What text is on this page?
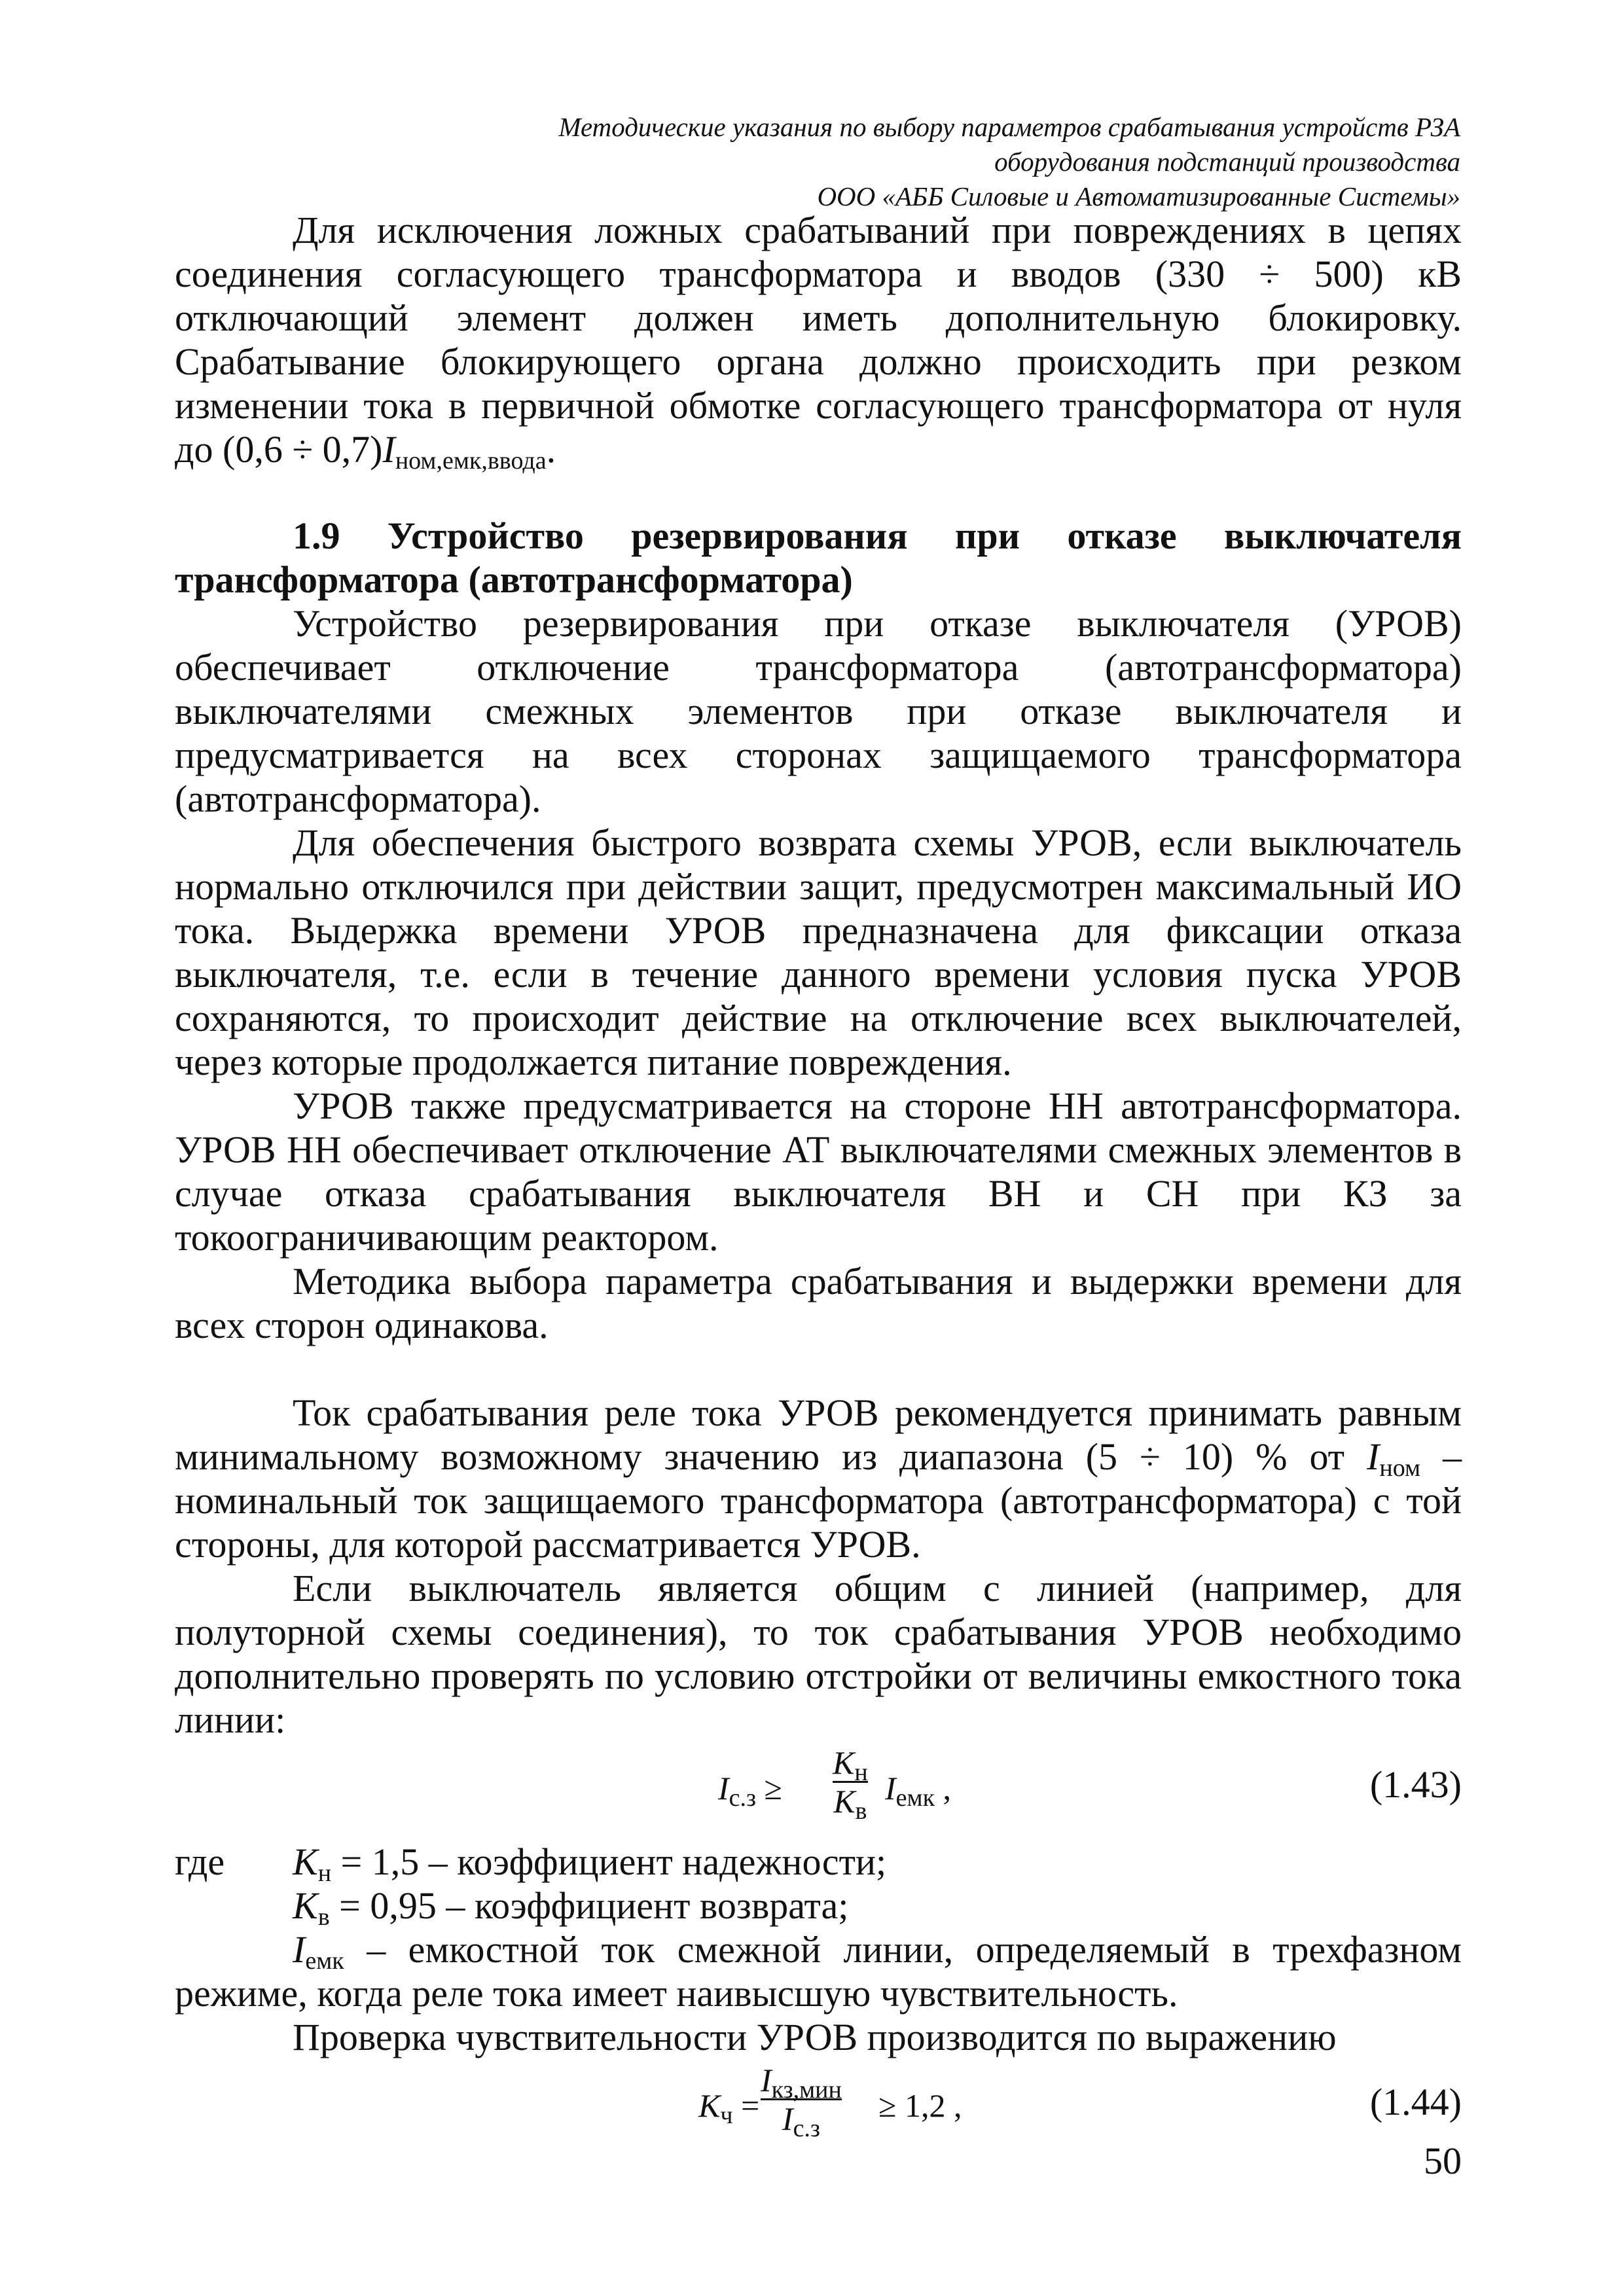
Методические указания по выбору параметров срабатывания устройств РЗА
оборудования подстанций производства
ООО «АББ Силовые и Автоматизированные Системы»

Для исключения ложных срабатываний при повреждениях в цепях соединения согласующего трансформатора и вводов (330 ÷ 500) кВ отключающий элемент должен иметь дополнительную блокировку. Срабатывание блокирующего органа должно происходить при резком изменении тока в первичной обмотке согласующего трансформатора от нуля до $(0,6 \div 0,7)I_{ном,емк,ввода}$.

1.9 Устройство резервирования при отказе выключателя трансформатора (автотрансформатора)

Устройство резервирования при отказе выключателя (УРОВ) обеспечивает отключение трансформатора (автотрансформатора) выключателями смежных элементов при отказе выключателя и предусматривается на всех сторонах защищаемого трансформатора (автотрансформатора).

Для обеспечения быстрого возврата схемы УРОВ, если выключатель нормально отключился при действии защит, предусмотрен максимальный ИО тока. Выдержка времени УРОВ предназначена для фиксации отказа выключателя, т.е. если в течение данного времени условия пуска УРОВ сохраняются, то происходит действие на отключение всех выключателей, через которые продолжается питание повреждения.

УРОВ также предусматривается на стороне НН автотрансформатора. УРОВ НН обеспечивает отключение АТ выключателями смежных элементов в случае отказа срабатывания выключателя ВН и СН при КЗ за токоограничивающим реактором.

Методика выбора параметра срабатывания и выдержки времени для всех сторон одинакова.

Ток срабатывания реле тока УРОВ рекомендуется принимать равным минимальному возможному значению из диапазона (5 ÷ 10) % от $I_{ном}$ – номинальный ток защищаемого трансформатора (автотрансформатора) с той стороны, для которой рассматривается УРОВ.

Если выключатель является общим с линией (например, для полуторной схемы соединения), то ток срабатывания УРОВ необходимо дополнительно проверять по условию отстройки от величины емкостного тока линии:

$I_{с.з}$ ≥
$K_н$
$K_в$
$I_{емк}$ ,	(1.43)
где	$K_н = 1,5$ – коэффициент надежности;

$K_в = 0,95$ – коэффициент возврата;

$I_{емк}$ – емкостной ток смежной линии, определяемый в трехфазном режиме, когда реле тока имеет наивысшую чувствительность.

Проверка чувствительности УРОВ производится по выражению

$K_ч$ =
$I_{кз,мин}$
$I_{с.з}$
≥ 1,2 ,	(1.44)
50
